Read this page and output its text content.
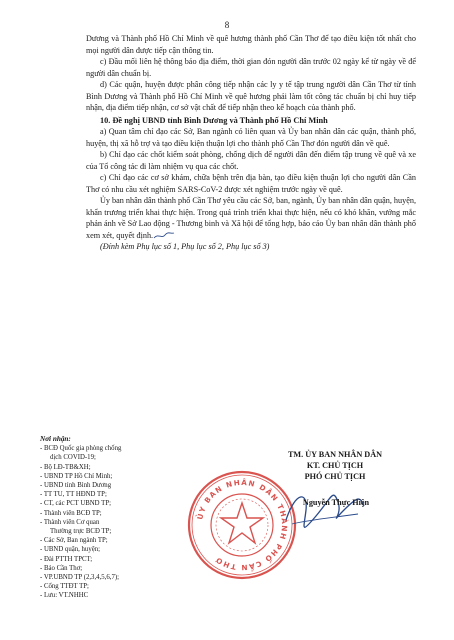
8

Dương và Thành phố Hồ Chí Minh về quê hương thành phố Cần Thơ để tạo điều kiện tốt nhất cho mọi người dân được tiếp cận thông tin.

c) Đầu mối liên hệ thông báo địa điểm, thời gian đón người dân trước 02 ngày kể từ ngày về để người dân chuẩn bị.

d) Các quận, huyện được phân công tiếp nhận các ly y tế tập trung người dân Cần Thơ từ tỉnh Bình Dương và Thành phố Hồ Chí Minh về quê hương phải làm tốt công tác chuẩn bị chỉ huy tiếp nhận, địa điểm tiếp nhận, cơ sở vật chất để tiếp nhận theo kế hoạch của thành phố.

10. Đề nghị UBND tỉnh Bình Dương và Thành phố Hồ Chí Minh

a) Quan tâm chỉ đạo các Sở, Ban ngành có liên quan và Ủy ban nhân dân các quận, thành phố, huyện, thị xã hỗ trợ và tạo điều kiện thuận lợi cho thành phố Cần Thơ đón người dân về quê.

b) Chỉ đạo các chốt kiểm soát phòng, chống dịch để người dân đến điểm tập trung về quê và xe của Tổ công tác đi làm nhiệm vụ qua các chốt.

c) Chỉ đạo các cơ sở khám, chữa bệnh trên địa bàn, tạo điều kiện thuận lợi cho người dân Cần Thơ có nhu cầu xét nghiệm SARS-CoV-2 được xét nghiệm trước ngày về quê.

Ủy ban nhân dân thành phố Cần Thơ yêu cầu các Sở, ban, ngành, Ủy ban nhân dân quận, huyện, khẩn trương triển khai thực hiện. Trong quá trình triển khai thực hiện, nếu có khó khăn, vướng mắc phản ánh về Sở Lao động - Thương binh và Xã hội để tổng hợp, báo cáo Ủy ban nhân dân thành phố xem xét, quyết định.

(Đính kèm Phụ lục số 1, Phụ lục số 2, Phụ lục số 3)

Nơi nhận:
- BCĐ Quốc gia phòng chống
dịch COVID-19;
- Bộ LĐ-TB&XH;
- UBND TP Hồ Chí Minh;
- UBND tỉnh Bình Dương
- TT TU, TT HĐND TP;
- CT, các PCT UBND TP;
- Thành viên BCĐ TP;
- Thành viên Cơ quan
Thường trực BCĐ TP;
- Các Sở, Ban ngành TP;
- UBND quận, huyện;
- Đài PTTH TPCT;
- Báo Cần Thơ;
- VP.UBND TP (2,3,4,5,6,7);
- Cổng TTĐT TP;
- Lưu: VT.NHHC
TM. ỦY BAN NHÂN DÂN
KT. CHỦ TỊCH
PHÓ CHỦ TỊCH
ỦY BAN NHÂN DÂN THÀNH PHỐ CẦN THƠ
Nguyễn Thực Hiện
